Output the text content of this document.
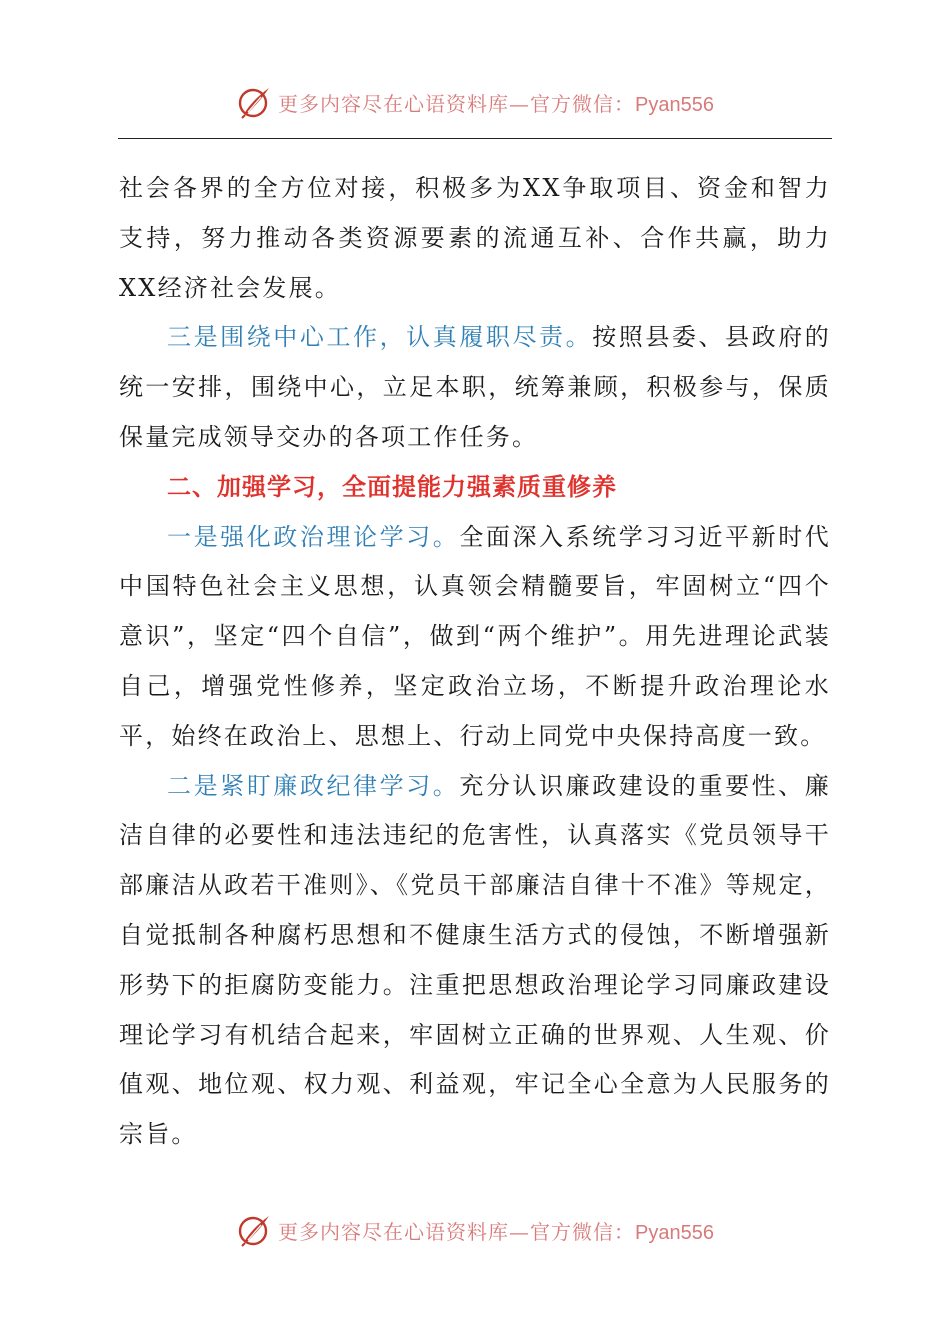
更多内容尽在心语资料库—官方微信：Pyan556

社会各界的全方位对接，积极多为XX争取项目、资金和智力支持，努力推动各类资源要素的流通互补、合作共赢，助力XX经济社会发展。

三是围绕中心工作，认真履职尽责。按照县委、县政府的统一安排，围绕中心，立足本职，统筹兼顾，积极参与，保质保量完成领导交办的各项工作任务。

二、加强学习，全面提能力强素质重修养

一是强化政治理论学习。全面深入系统学习习近平新时代中国特色社会主义思想，认真领会精髓要旨，牢固树立“四个意识”，坚定“四个自信”，做到“两个维护”。用先进理论武装自己，增强党性修养，坚定政治立场，不断提升政治理论水平，始终在政治上、思想上、行动上同党中央保持高度一致。

二是紧盯廉政纪律学习。充分认识廉政建设的重要性、廉洁自律的必要性和违法违纪的危害性，认真落实《党员领导干部廉洁从政若干准则》、《党员干部廉洁自律十不准》等规定，自觉抵制各种腐朽思想和不健康生活方式的侵蚀，不断增强新形势下的拒腐防变能力。注重把思想政治理论学习同廉政建设理论学习有机结合起来，牢固树立正确的世界观、人生观、价值观、地位观、权力观、利益观，牢记全心全意为人民服务的宗旨。

更多内容尽在心语资料库—官方微信：Pyan556
